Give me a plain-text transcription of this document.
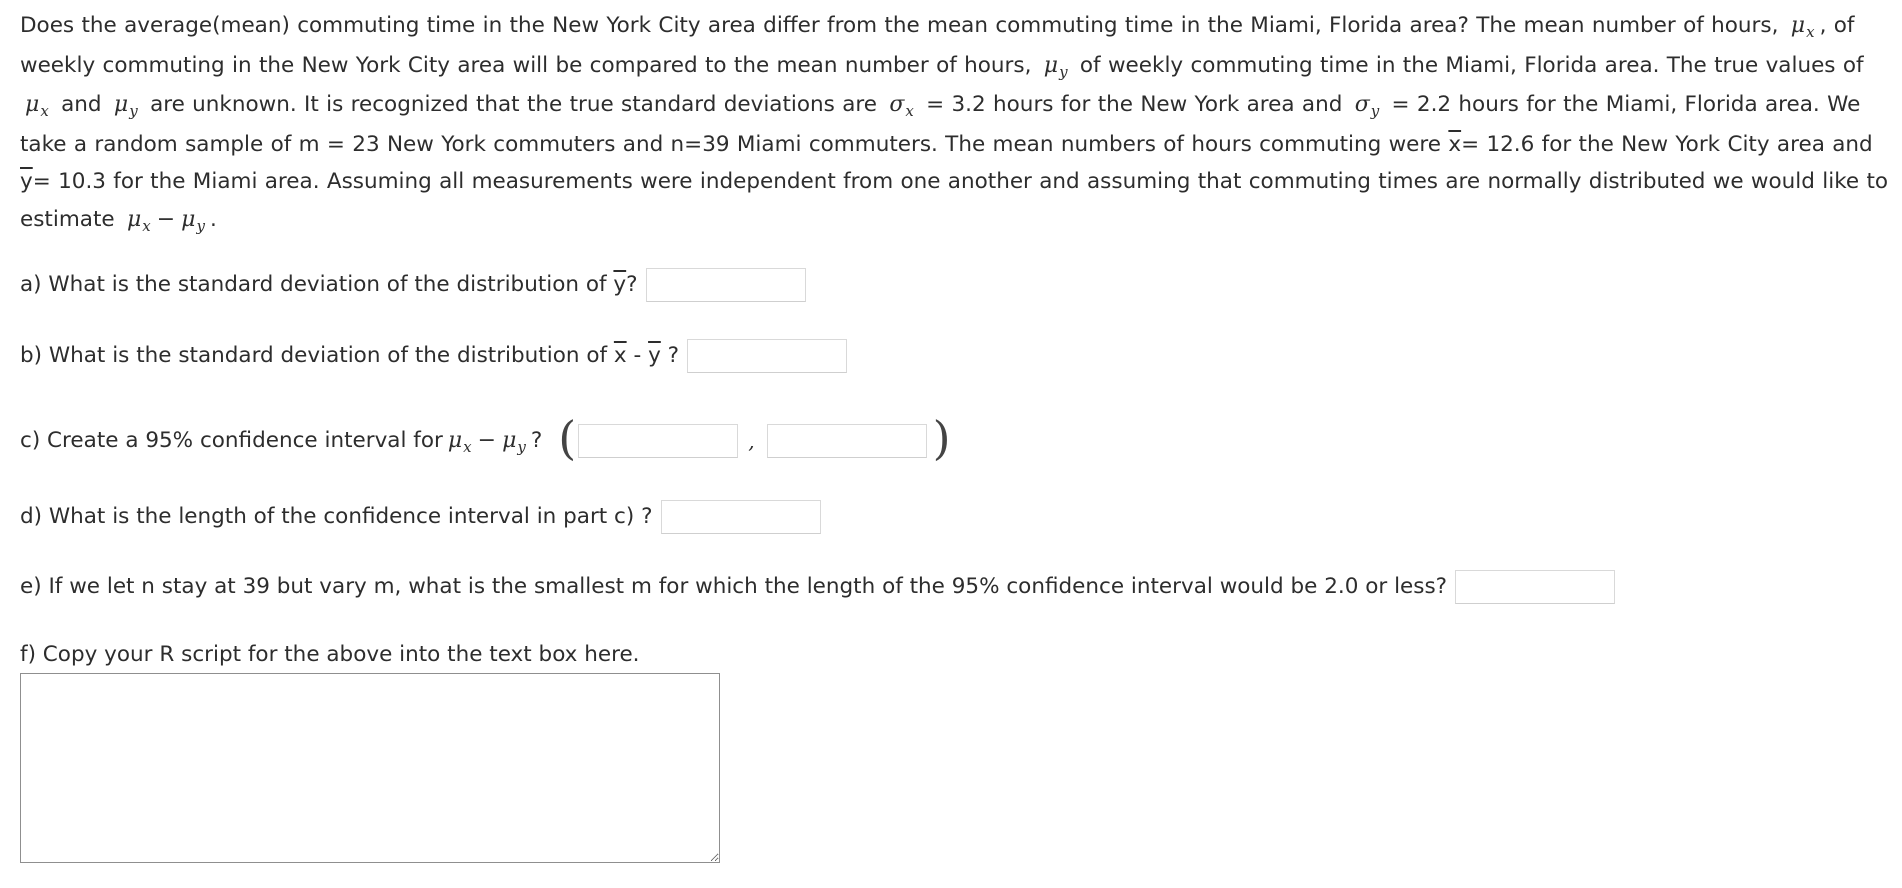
Does the average(mean) commuting time in the New York City area differ from the mean commuting time in the Miami, Florida area? The mean number of hours, $\mu_x$ , of weekly commuting in the New York City area will be compared to the mean number of hours, $\mu_y$ of weekly commuting time in the Miami, Florida area. The true values of $\mu_x$ and $\mu_y$ are unknown. It is recognized that the true standard deviations are $\sigma_x = 3.2$ hours for the New York area and $\sigma_y = 2.2$ hours for the Miami, Florida area. We take a random sample of m = 23 New York commuters and n=39 Miami commuters. The mean numbers of hours commuting were $\overline{x}= 12.6$ for the New York City area and $\overline{y}= 10.3$ for the Miami area. Assuming all measurements were independent from one another and assuming that commuting times are normally distributed we would like to estimate $\mu_x - \mu_y$ .

a) What is the standard deviation of the distribution of
$\overline{y}$ ?
b) What is the standard deviation of the distribution of
$\overline{x}$
-
$\overline{y}$
?
c) Create a 95% confidence interval for $\mu_x - \mu_y$ ? (	,	)
d) What is the length of the confidence interval in part c) ?
e) If we let n stay at 39 but vary m, what is the smallest m for which the length of the 95% confidence interval would be 2.0 or less?
f) Copy your R script for the above into the text box here.
